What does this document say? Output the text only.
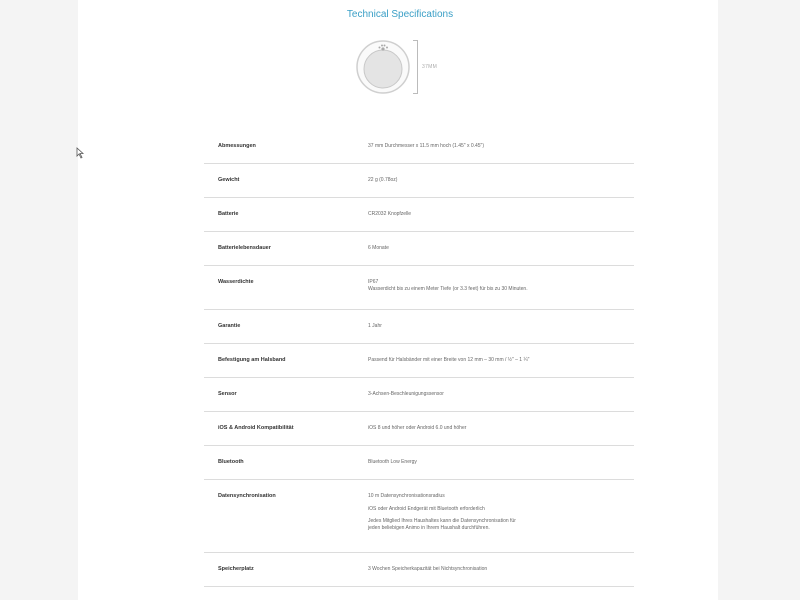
Technical Specifications
37MM
Abmessungen	37 mm Durchmesser x 11.5 mm hoch (1.45" x 0.45")
Gewicht	22 g (0.78oz)
Batterie	CR2032 Knopfzelle
Batterielebensdauer	6 Monate
Wasserdichte	IP67
Wasserdicht bis zu einem Meter Tiefe (or 3.3 feet) für bis zu 30 Minuten.
Garantie	1 Jahr
Befestigung am Halsband	Passend für Halsbänder mit einer Breite von 12 mm – 30 mm / ½" – 1 ¼"
Sensor	3-Achsen-Beschleunigungssensor
iOS & Android Kompatibilität	iOS 8 und höher oder Android 6.0 und höher
Bluetooth	Bluetooth Low Energy
Datensynchronisation	10 m Datensynchronisationsradius
iOS oder Android Endgerät mit Bluetooth erforderlich
Jedes Mitglied Ihres Haushaltes kann die Datensynchronisation für
jeden beliebigen Animo in Ihrem Haushalt durchführen.
Speicherplatz	3 Wochen Speicherkapazität bei Nichtsynchronisation
